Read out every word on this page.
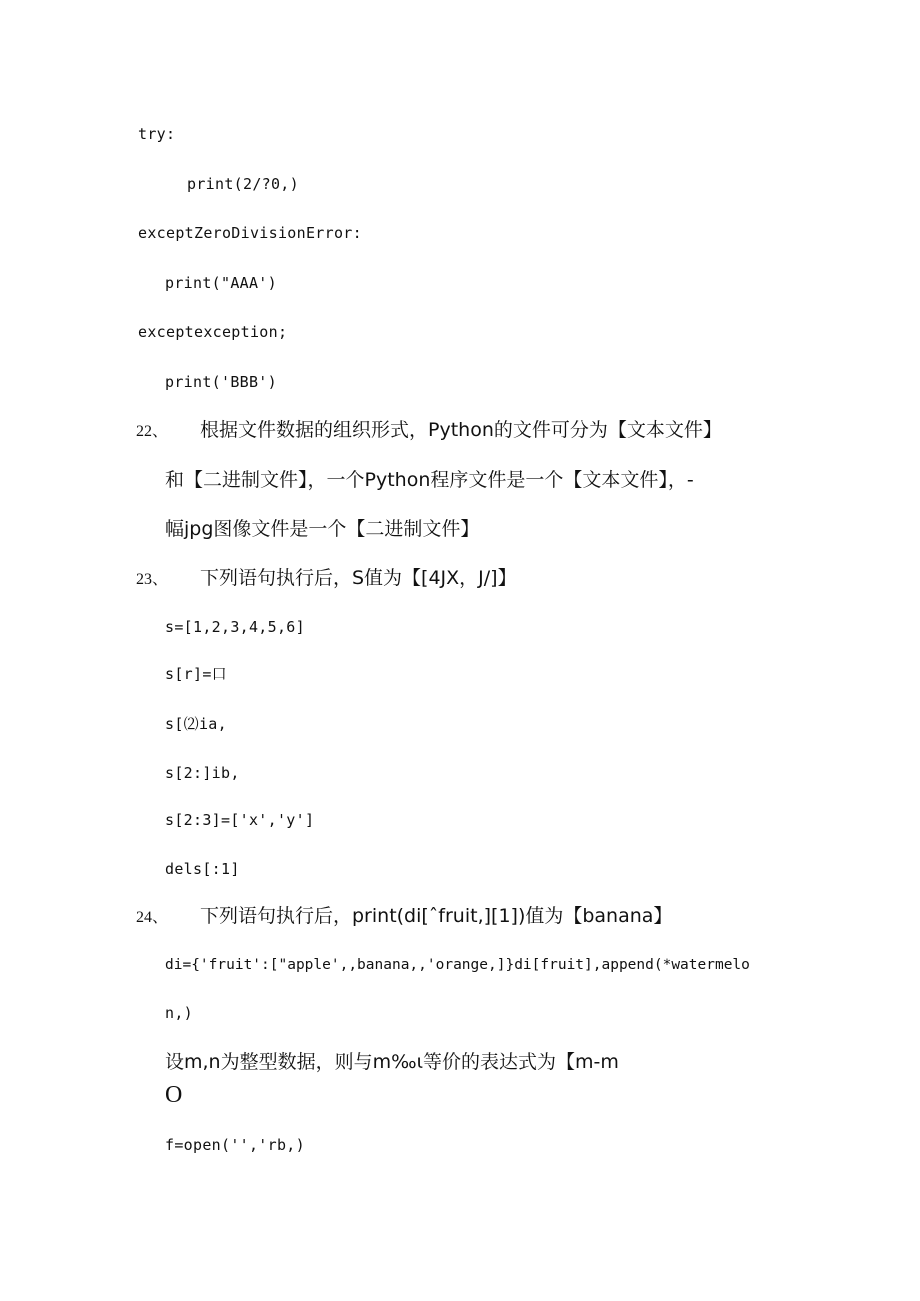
try:
print(2/?0,)
exceptZeroDivisionError:
print("AAA')
exceptexception;
print('BBB')
22、 根据文件数据的组织形式，Python的文件可分为【文本文件】
和【二进制文件】，一个Python程序文件是一个【文本文件】，-
幅jpg图像文件是一个【二进制文件】
23、 下列语句执行后，S值为【[4JX，J/]】
s=[1,2,3,4,5,6]
s[r]=口
s[⑵ia,
s[2:]ib,
s[2:3]=['x','y']
dels[:1]
24、 下列语句执行后，print(di[ˆfruit,][1])值为【banana】
di={'fruit':["apple',,banana,,'orange,]}di[fruit],append(*watermelo
n,)
设m,n为整型数据，则与m‰ι等价的表达式为【m-m
O
f=open('','rb,)
